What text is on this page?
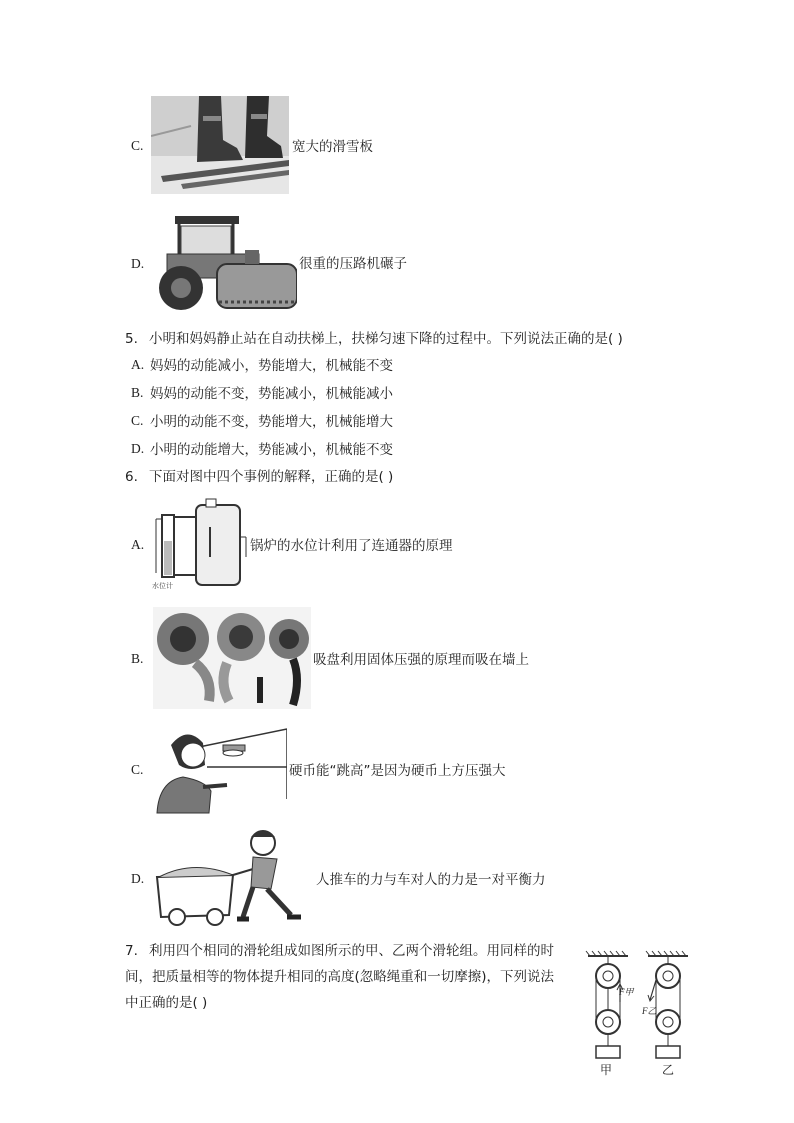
C.	宽大的滑雪板
D.	很重的压路机碾子
5. 小明和妈妈静止站在自动扶梯上，扶梯匀速下降的过程中。下列说法正确的是( )
A. 妈妈的动能减小，势能增大，机械能不变
B. 妈妈的动能不变，势能减小，机械能减小
C. 小明的动能不变，势能增大，机械能增大
D. 小明的动能增大，势能减小，机械能不变
6. 下面对图中四个事例的解释，正确的是( )
A.
水位计
锅炉的水位计利用了连通器的原理
B.	吸盘利用固体压强的原理而吸在墙上
C.	硬币能“跳高”是因为硬币上方压强大
D.	人推车的力与车对人的力是一对平衡力
7. 利用四个相同的滑轮组成如图所示的甲、乙两个滑轮组。用同样的时
间，把质量相等的物体提升相同的高度(忽略绳重和一切摩擦)，下列说法
中正确的是( )
F甲
F乙
甲	乙
